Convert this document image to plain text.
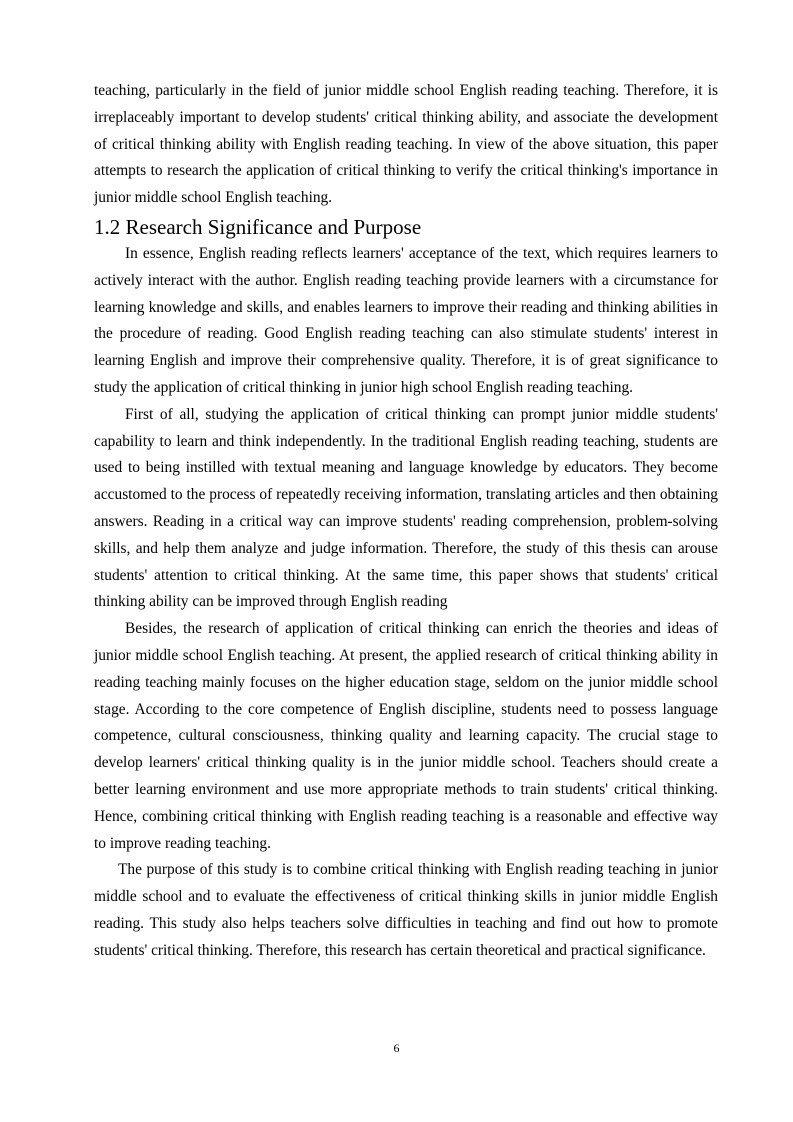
teaching, particularly in the field of junior middle school English reading teaching. Therefore, it is irreplaceably important to develop students' critical thinking ability, and associate the development of critical thinking ability with English reading teaching. In view of the above situation, this paper attempts to research the application of critical thinking to verify the critical thinking's importance in junior middle school English teaching.

1.2 Research Significance and Purpose

In essence, English reading reflects learners' acceptance of the text, which requires learners to actively interact with the author. English reading teaching provide learners with a circumstance for learning knowledge and skills, and enables learners to improve their reading and thinking abilities in the procedure of reading. Good English reading teaching can also stimulate students' interest in learning English and improve their comprehensive quality. Therefore, it is of great significance to study the application of critical thinking in junior high school English reading teaching.

First of all, studying the application of critical thinking can prompt junior middle students' capability to learn and think independently. In the traditional English reading teaching, students are used to being instilled with textual meaning and language knowledge by educators. They become accustomed to the process of repeatedly receiving information, translating articles and then obtaining answers. Reading in a critical way can improve students' reading comprehension, problem-solving skills, and help them analyze and judge information. Therefore, the study of this thesis can arouse students' attention to critical thinking. At the same time, this paper shows that students' critical thinking ability can be improved through English reading

Besides, the research of application of critical thinking can enrich the theories and ideas of junior middle school English teaching. At present, the applied research of critical thinking ability in reading teaching mainly focuses on the higher education stage, seldom on the junior middle school stage. According to the core competence of English discipline, students need to possess language competence, cultural consciousness, thinking quality and learning capacity. The crucial stage to develop learners' critical thinking quality is in the junior middle school. Teachers should create a better learning environment and use more appropriate methods to train students' critical thinking. Hence, combining critical thinking with English reading teaching is a reasonable and effective way to improve reading teaching.

The purpose of this study is to combine critical thinking with English reading teaching in junior middle school and to evaluate the effectiveness of critical thinking skills in junior middle English reading. This study also helps teachers solve difficulties in teaching and find out how to promote students' critical thinking. Therefore, this research has certain theoretical and practical significance.

6
